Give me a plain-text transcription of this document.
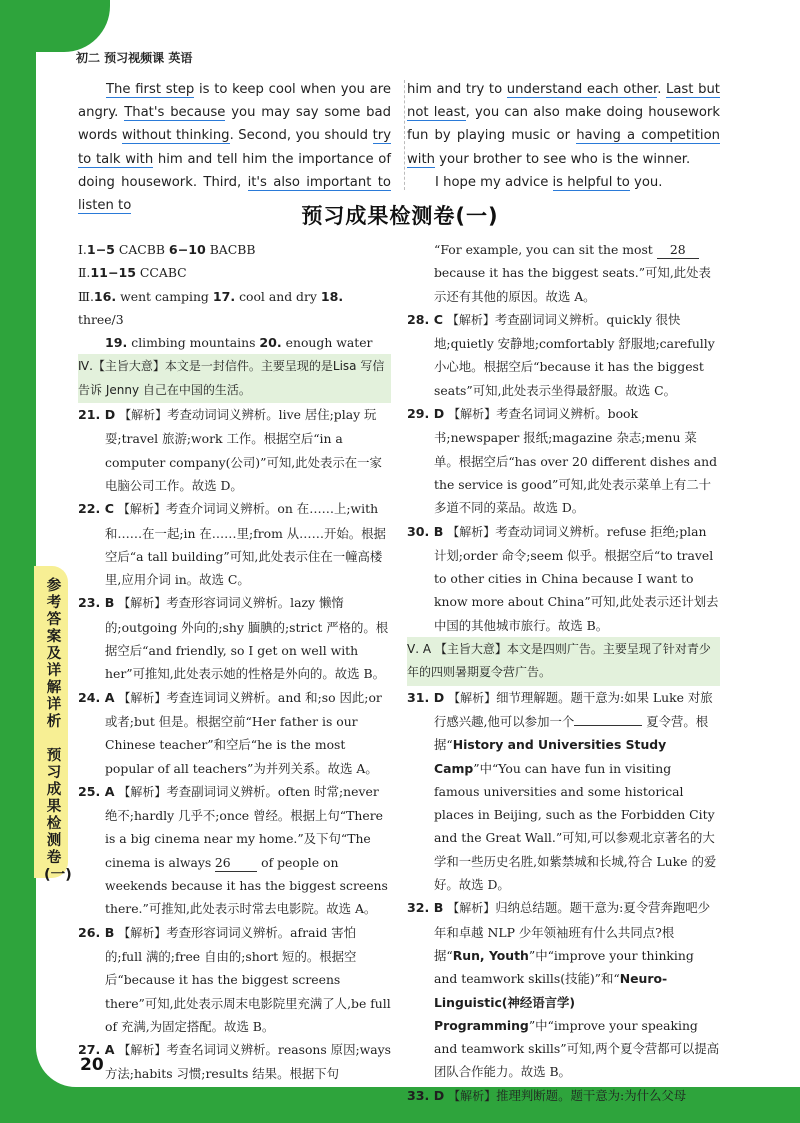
初二 预习视频课 英语

The first step is to keep cool when you are angry. That's because you may say some bad words without thinking. Second, you should try to talk with him and tell him the importance of doing housework. Third, it's also important to listen to

him and try to understand each other. Last but not least, you can also make doing housework fun by playing music or having a competition with your brother to see who is the winner.

I hope my advice is helpful to you.

预习成果检测卷(一)

Ⅰ.1−5 CACBB 6−10 BACBB

Ⅱ.11−15 CCABC

Ⅲ.16. went camping 17. cool and dry 18. three/3

19. climbing mountains 20. enough water

Ⅳ.【主旨大意】本文是一封信件。主要呈现的是Lisa 写信告诉 Jenny 自己在中国的生活。

21. D 【解析】考查动词词义辨析。live 居住;play 玩耍;travel 旅游;work 工作。根据空后“in a computer company(公司)”可知,此处表示在一家电脑公司工作。故选 D。

22. C 【解析】考查介词词义辨析。on 在……上;with 和……在一起;in 在……里;from 从……开始。根据空后“a tall building”可知,此处表示住在一幢高楼里,应用介词 in。故选 C。

23. B 【解析】考查形容词词义辨析。lazy 懒惰的;outgoing 外向的;shy 腼腆的;strict 严格的。根据空后“and friendly, so I get on well with her”可推知,此处表示她的性格是外向的。故选 B。

24. A 【解析】考查连词词义辨析。and 和;so 因此;or 或者;but 但是。根据空前“Her father is our Chinese teacher”和空后“he is the most popular of all teachers”为并列关系。故选 A。

25. A 【解析】考查副词词义辨析。often 时常;never 绝不;hardly 几乎不;once 曾经。根据上句“There is a big cinema near my home.”及下句“The cinema is always 26 of people on weekends because it has the biggest screens there.”可推知,此处表示时常去电影院。故选 A。

26. B 【解析】考查形容词词义辨析。afraid 害怕的;full 满的;free 自由的;short 短的。根据空后“because it has the biggest screens there”可知,此处表示周末电影院里充满了人,be full of 充满,为固定搭配。故选 B。

27. A 【解析】考查名词词义辨析。reasons 原因;ways 方法;habits 习惯;results 结果。根据下句

“For example, you can sit the most 28 because it has the biggest seats.”可知,此处表示还有其他的原因。故选 A。

28. C 【解析】考查副词词义辨析。quickly 很快地;quietly 安静地;comfortably 舒服地;carefully 小心地。根据空后“because it has the biggest seats”可知,此处表示坐得最舒服。故选 C。

29. D 【解析】考查名词词义辨析。book 书;newspaper 报纸;magazine 杂志;menu 菜单。根据空后“has over 20 different dishes and the service is good”可知,此处表示菜单上有二十多道不同的菜品。故选 D。

30. B 【解析】考查动词词义辨析。refuse 拒绝;plan 计划;order 命令;seem 似乎。根据空后“to travel to other cities in China because I want to know more about China”可知,此处表示还计划去中国的其他城市旅行。故选 B。

Ⅴ. A 【主旨大意】本文是四则广告。主要呈现了针对青少年的四则暑期夏令营广告。

31. D 【解析】细节理解题。题干意为:如果 Luke 对旅行感兴趣,他可以参加一个	夏令营。根据“History and Universities Study Camp”中“You can have fun in visiting famous universities and some historical places in Beijing, such as the Forbidden City and the Great Wall.”可知,可以参观北京著名的大学和一些历史名胜,如紫禁城和长城,符合 Luke 的爱好。故选 D。

32. B 【解析】归纳总结题。题干意为:夏令营奔跑吧少年和卓越 NLP 少年领袖班有什么共同点?根据“Run, Youth”中“improve your thinking and teamwork skills(技能)”和“Neuro-Linguistic(神经语言学) Programming”中“improve your speaking and teamwork skills”可知,两个夏令营都可以提高团队合作能力。故选 B。

33. D 【解析】推理判断题。题干意为:为什么父母

参考答案及详解详析
预习成果检测卷(一)
20
